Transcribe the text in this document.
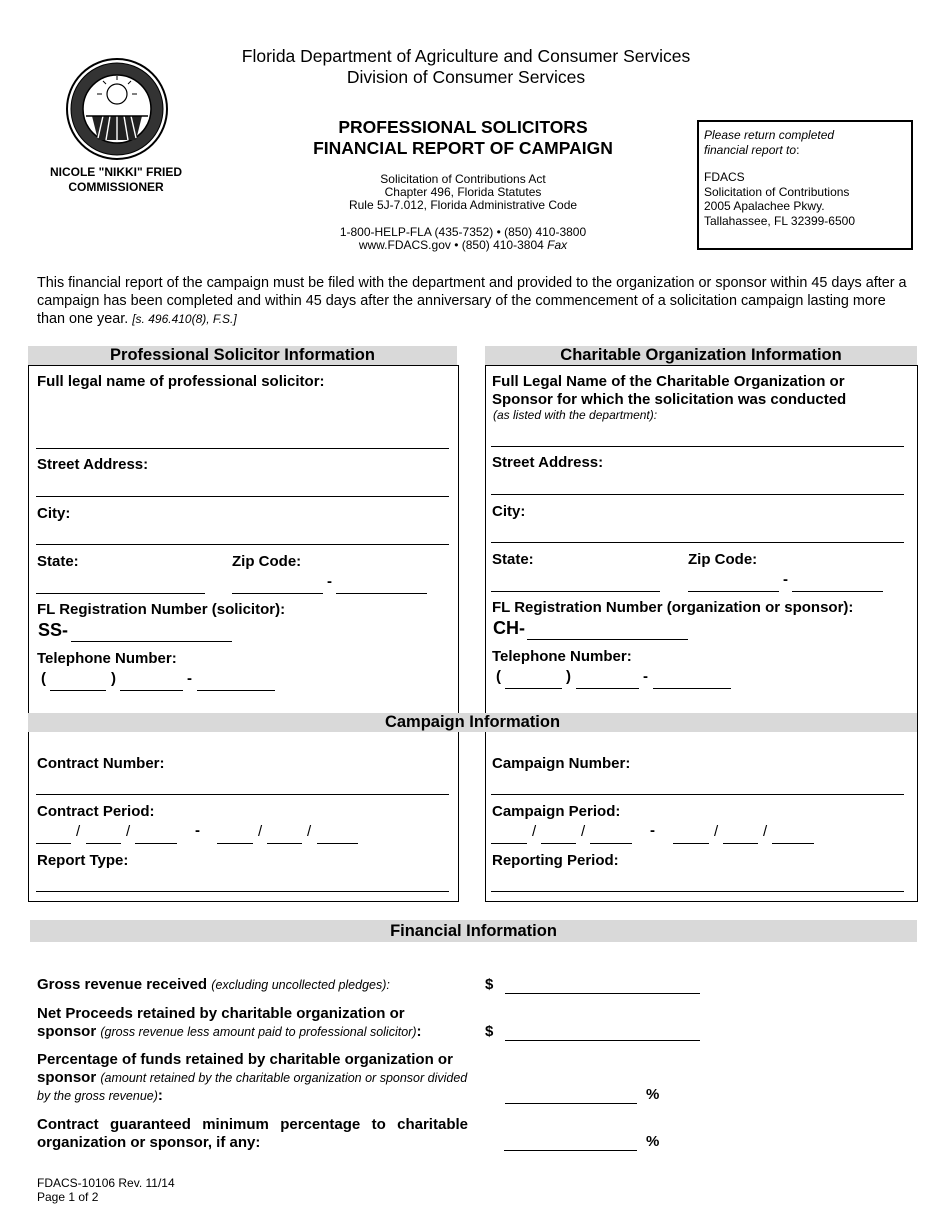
NICOLE "NIKKI" FRIED
COMMISSIONER
Florida Department of Agriculture and Consumer Services
Division of Consumer Services
PROFESSIONAL SOLICITORS
FINANCIAL REPORT OF CAMPAIGN
Solicitation of Contributions Act
Chapter 496, Florida Statutes
Rule 5J-7.012, Florida Administrative Code
1-800-HELP-FLA (435-7352) • (850) 410-3800
www.FDACS.gov • (850) 410-3804 Fax
Please return completed financial report to:
FDACS
Solicitation of Contributions
2005 Apalachee Pkwy.
Tallahassee, FL 32399-6500
This financial report of the campaign must be filed with the department and provided to the organization or sponsor within 45 days after a campaign has been completed and within 45 days after the anniversary of the commencement of a solicitation campaign lasting more than one year. [s. 496.410(8), F.S.]
Professional Solicitor Information	Charitable Organization Information
Campaign Information
Full legal name of professional solicitor:
Street Address:
City:
State:	Zip Code:
-
FL Registration Number (solicitor):
SS-
Telephone Number:
(	)	-
Full Legal Name of the Charitable Organization or
Sponsor for which the solicitation was conducted
(as listed with the department):
Street Address:
City:
State:	Zip Code:
-
FL Registration Number (organization or sponsor):
CH-
Telephone Number:
(	)	-
Contract Number:
Contract Period:
/	/	-	/	/
Report Type:
Campaign Number:
Campaign Period:
/	/	-	/	/
Reporting Period:
Financial Information
Gross revenue received (excluding uncollected pledges):	$
Net Proceeds retained by charitable organization or
sponsor (gross revenue less amount paid to professional solicitor):	$
Percentage of funds retained by charitable organization or
sponsor (amount retained by the charitable organization or sponsor divided
by the gross revenue):	%
Contract guaranteed minimum percentage to charitable
organization or sponsor, if any:	%
FDACS-10106 Rev. 11/14
Page 1 of 2
